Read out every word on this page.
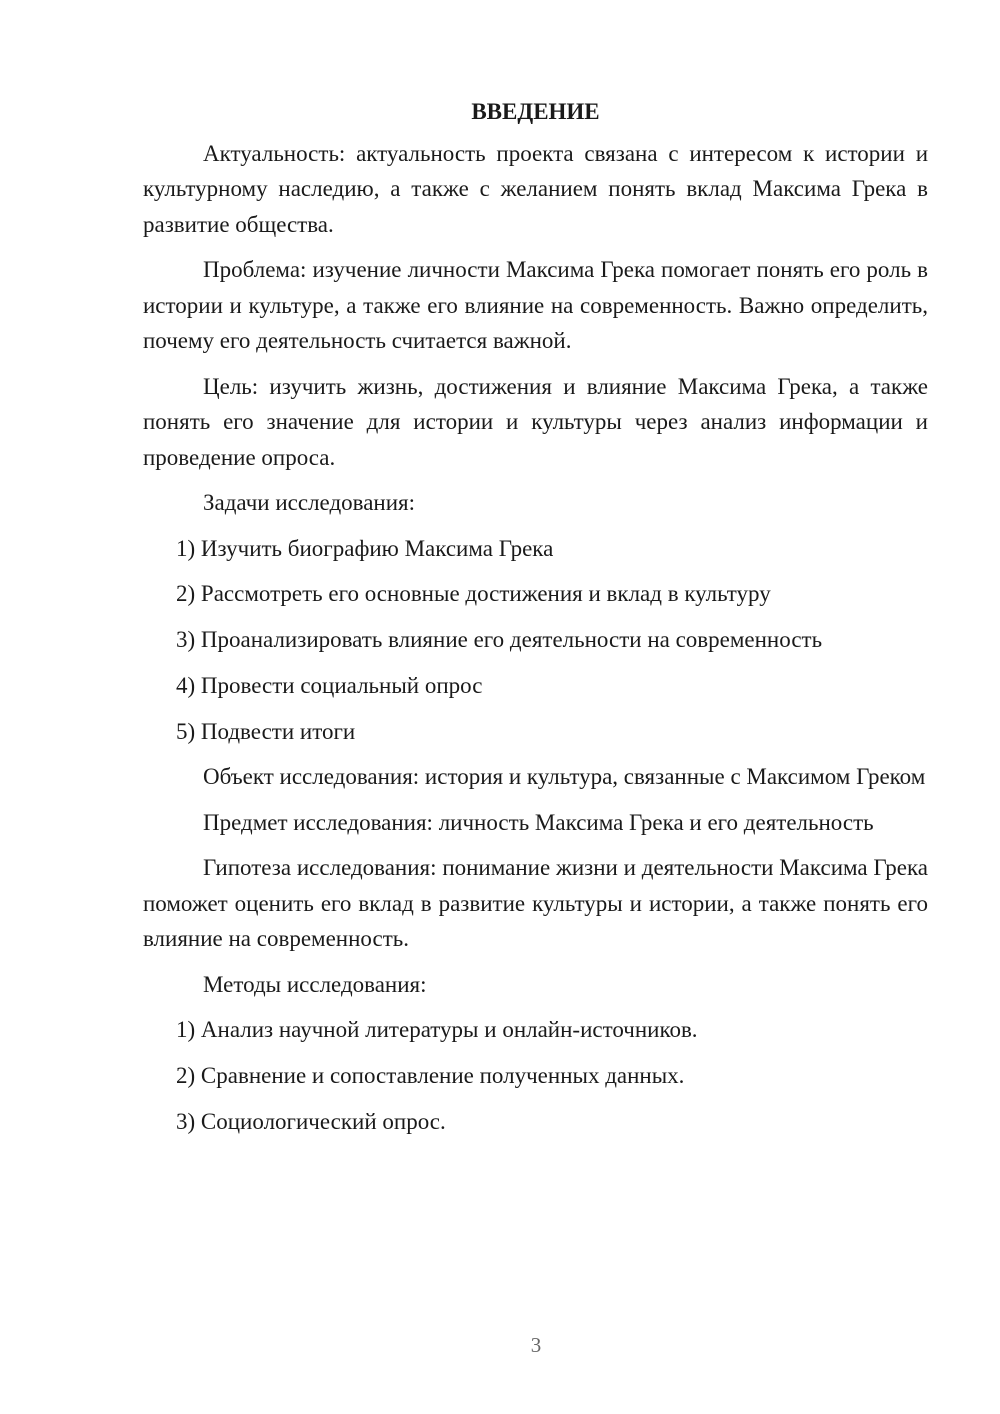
ВВЕДЕНИЕ

Актуальность: актуальность проекта связана с интересом к истории и культурному наследию, а также с желанием понять вклад Максима Грека в развитие общества.

Проблема: изучение личности Максима Грека помогает понять его роль в истории и культуре, а также его влияние на современность. Важно определить, почему его деятельность считается важной.

Цель: изучить жизнь, достижения и влияние Максима Грека, а также понять его значение для истории и культуры через анализ информации и проведение опроса.

Задачи исследования:

1) Изучить биографию Максима Грека
2) Рассмотреть его основные достижения и вклад в культуру
3) Проанализировать влияние его деятельности на современность
4) Провести социальный опрос
5) Подвести итоги

Объект исследования: история и культура, связанные с Максимом Греком

Предмет исследования: личность Максима Грека и его деятельность

Гипотеза исследования: понимание жизни и деятельности Максима Грека поможет оценить его вклад в развитие культуры и истории, а также понять его влияние на современность.

Методы исследования:

1) Анализ научной литературы и онлайн-источников.
2) Сравнение и сопоставление полученных данных.
3) Социологический опрос.
3
